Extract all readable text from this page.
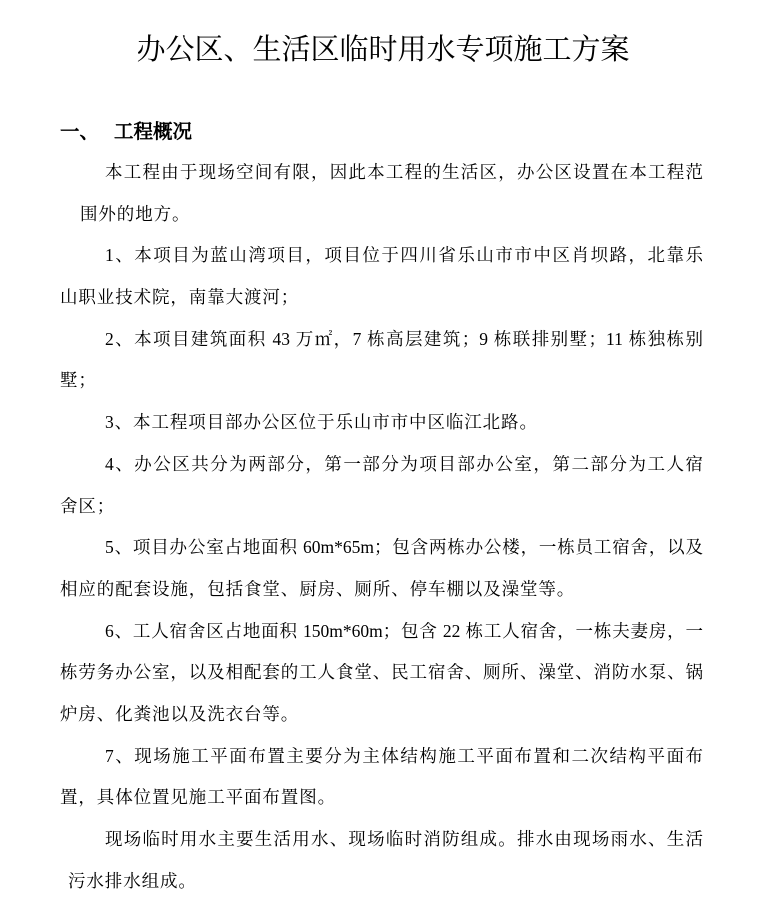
办公区、生活区临时用水专项施工方案
一、 工程概况
本工程由于现场空间有限，因此本工程的生活区，办公区设置在本工程范
围外的地方。
1、本项目为蓝山湾项目，项目位于四川省乐山市市中区肖坝路，北靠乐
山职业技术院，南靠大渡河；
2、本项目建筑面积 43 万㎡，7 栋高层建筑；9 栋联排别墅；11 栋独栋别
墅；
3、本工程项目部办公区位于乐山市市中区临江北路。
4、办公区共分为两部分，第一部分为项目部办公室，第二部分为工人宿
舍区；
5、项目办公室占地面积 60m*65m；包含两栋办公楼，一栋员工宿舍，以及
相应的配套设施，包括食堂、厨房、厕所、停车棚以及澡堂等。
6、工人宿舍区占地面积 150m*60m；包含 22 栋工人宿舍，一栋夫妻房，一
栋劳务办公室，以及相配套的工人食堂、民工宿舍、厕所、澡堂、消防水泵、锅
炉房、化粪池以及洗衣台等。
7、现场施工平面布置主要分为主体结构施工平面布置和二次结构平面布
置，具体位置见施工平面布置图。
现场临时用水主要生活用水、现场临时消防组成。排水由现场雨水、生活
污水排水组成。
